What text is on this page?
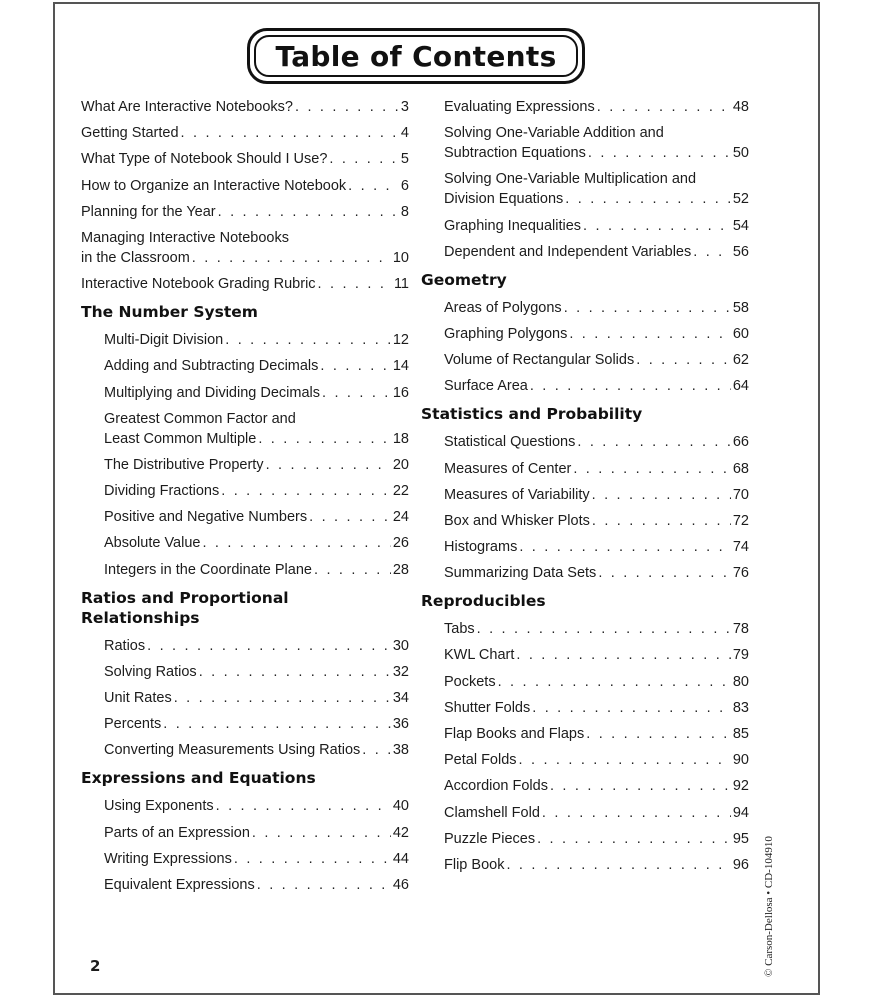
Table of Contents
What Are Interactive Notebooks? . . .	3
Getting Started . . .	4
What Type of Notebook Should I Use? . . .	5
How to Organize an Interactive Notebook . . .	6
Planning for the Year . . .	8
Managing Interactive Notebooks
in the Classroom . . .	10
Interactive Notebook Grading Rubric . . .	11
The Number System
Multi-Digit Division . . .	12
Adding and Subtracting Decimals . . .	14
Multiplying and Dividing Decimals . . .	16
Greatest Common Factor and
Least Common Multiple . . .	18
The Distributive Property . . .	20
Dividing Fractions . . .	22
Positive and Negative Numbers . . .	24
Absolute Value . . .	26
Integers in the Coordinate Plane . . .	28
Ratios and Proportional
Relationships
Ratios . . .	30
Solving Ratios . . .	32
Unit Rates . . .	34
Percents . . .	36
Converting Measurements Using Ratios . . . 38
Expressions and Equations
Using Exponents . . .	40
Parts of an Expression . . .	42
Writing Expressions . . .	44
Equivalent Expressions . . .	46
Evaluating Expressions . . .	48
Solving One-Variable Addition and
Subtraction Equations . . .	50
Solving One-Variable Multiplication and
Division Equations . . .	52
Graphing Inequalities . . .	54
Dependent and Independent Variables . . .	56
Geometry
Areas of Polygons . . .	58
Graphing Polygons . . .	60
Volume of Rectangular Solids . . .	62
Surface Area . . .	64
Statistics and Probability
Statistical Questions . . .	66
Measures of Center . . .	68
Measures of Variability . . .	70
Box and Whisker Plots . . .	72
Histograms . . .	74
Summarizing Data Sets . . .	76
Reproducibles
Tabs . . .	78
KWL Chart . . .	79
Pockets . . .	80
Shutter Folds . . .	83
Flap Books and Flaps . . .	85
Petal Folds . . .	90
Accordion Folds . . .	92
Clamshell Fold . . .	94
Puzzle Pieces . . .	95
Flip Book . . .	96
2	© Carson-Dellosa • CD-104910
